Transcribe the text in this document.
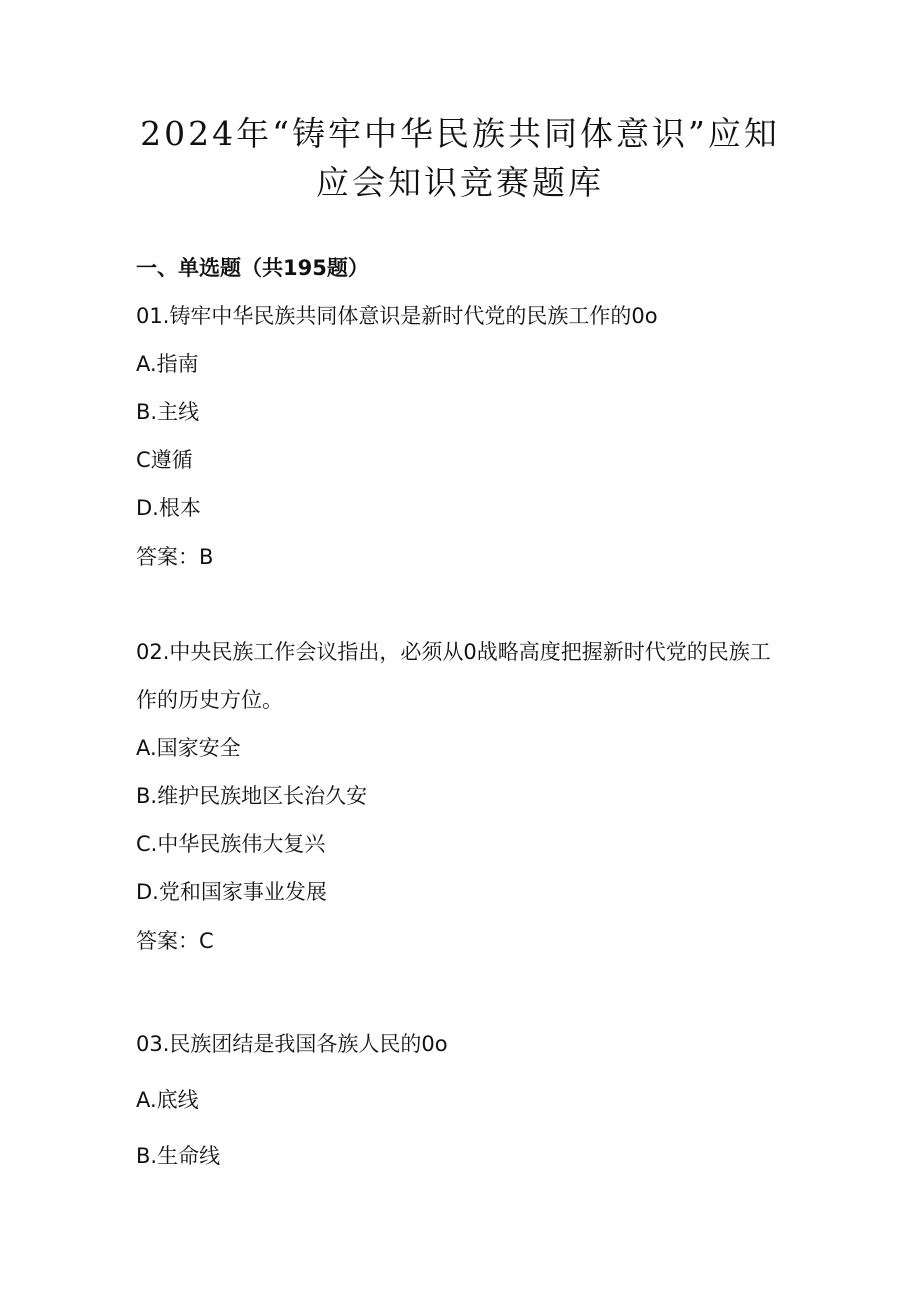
2024年“铸牢中华民族共同体意识”应知
应会知识竞赛题库

一、单选题（共195题）

01.铸牢中华民族共同体意识是新时代党的民族工作的0o

A.指南

B.主线

C遵循

D.根本

答案：B

02.中央民族工作会议指出，必须从0战略高度把握新时代党的民族工

作的历史方位。

A.国家安全

B.维护民族地区长治久安

C.中华民族伟大复兴

D.党和国家事业发展

答案：C

03.民族团结是我国各族人民的0o

A.底线

B.生命线
